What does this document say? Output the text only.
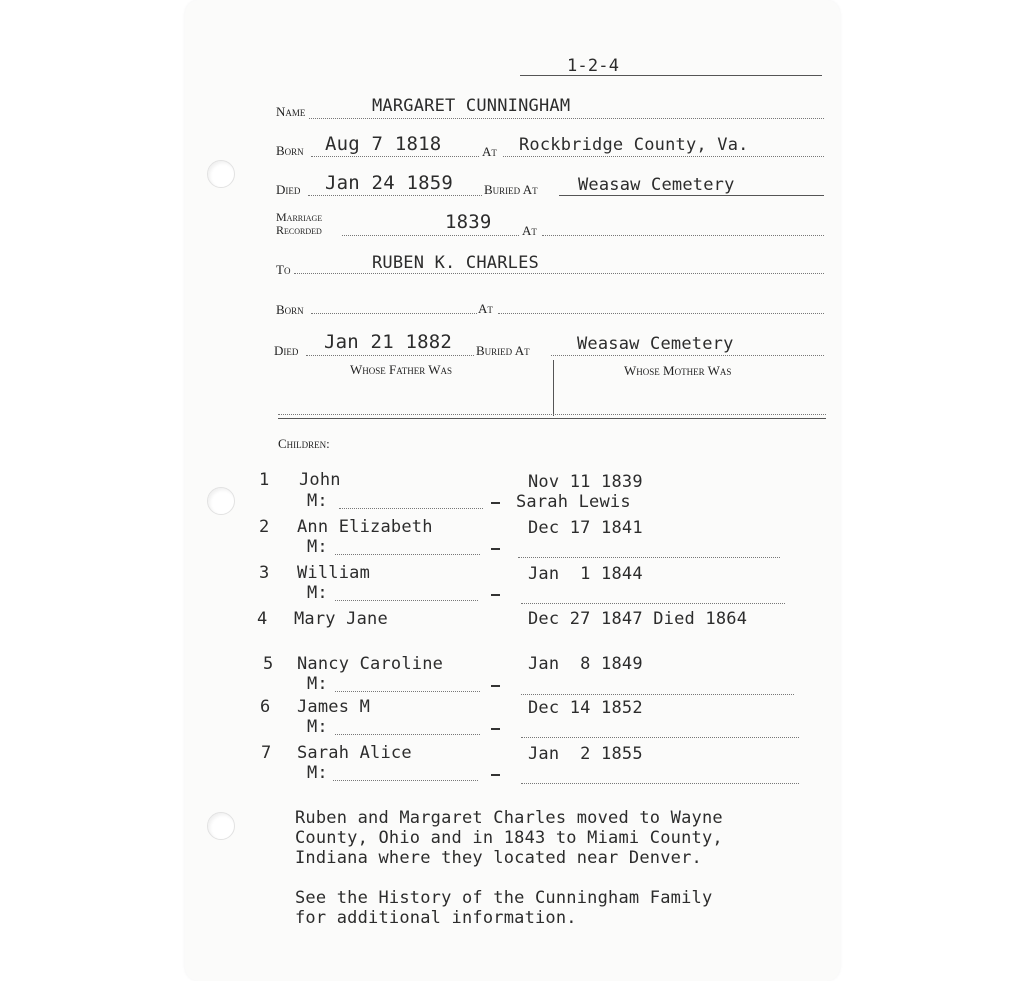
1-2-4
Name	MARGARET CUNNINGHAM
Born Aug 7 1818	At Rockbridge County, Va.
Died Jan 24 1859 Buried At Weasaw Cemetery
Marriage
Recorded	1839 At
To	RUBEN K. CHARLES
Born	At
Died Jan 21 1882 Buried At	Weasaw Cemetery
Whose Father Was	Whose Mother Was
Children:
1 John	Nov 11 1839
M:	Sarah Lewis
2 Ann Elizabeth	Dec 17 1841
M:
3 William	Jan  1 1844
M:
4 Mary Jane	Dec 27 1847 Died 1864
5 Nancy Caroline	Jan  8 1849
M:
6 James M	Dec 14 1852
M:
7 Sarah Alice	Jan  2 1855
M:
Ruben and Margaret Charles moved to Wayne
County, Ohio and in 1843 to Miami County,
Indiana where they located near Denver.
See the History of the Cunningham Family
for additional information.
